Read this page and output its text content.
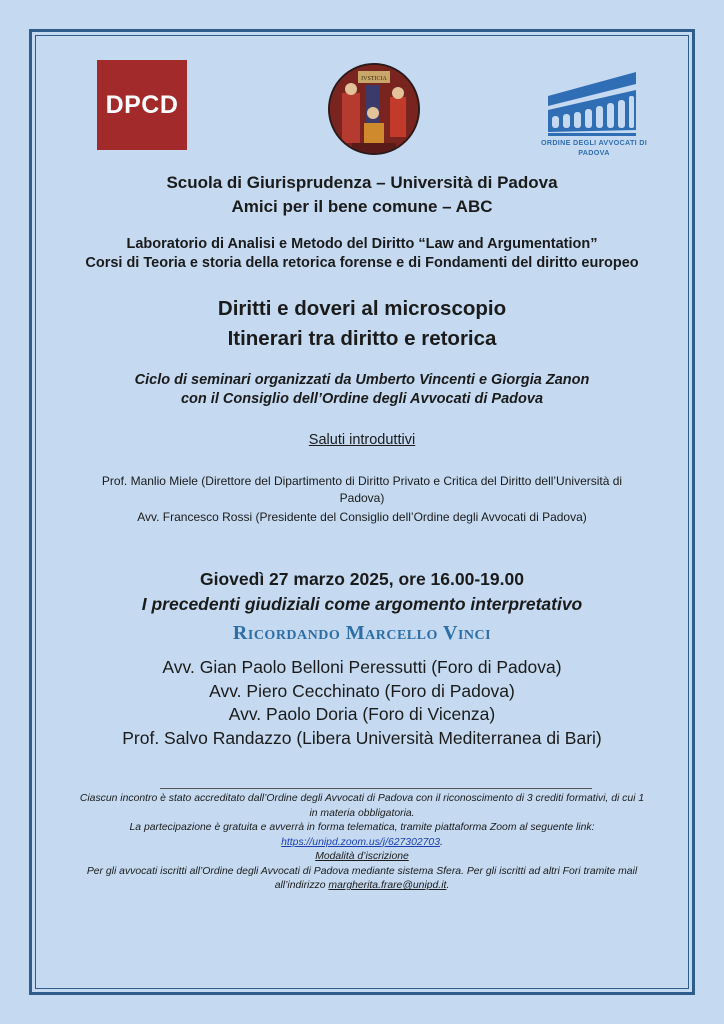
DPCD
IVSTICIA
ORDINE DEGLI AVVOCATI DI PADOVA
Scuola di Giurisprudenza – Università di Padova
Amici per il bene comune – ABC
Laboratorio di Analisi e Metodo del Diritto “Law and Argumentation”
Corsi di Teoria e storia della retorica forense e di Fondamenti del diritto europeo
Diritti e doveri al microscopio
Itinerari tra diritto e retorica
Ciclo di seminari organizzati da Umberto Vincenti e Giorgia Zanon
con il Consiglio dell’Ordine degli Avvocati di Padova
Saluti introduttivi
Prof. Manlio Miele (Direttore del Dipartimento di Diritto Privato e Critica del Diritto dell’Università di
Padova)
Avv. Francesco Rossi (Presidente del Consiglio dell’Ordine degli Avvocati di Padova)
Giovedì 27 marzo 2025, ore 16.00-19.00
I precedenti giudiziali come argomento interpretativo
Ricordando Marcello Vinci
Avv. Gian Paolo Belloni Peressutti (Foro di Padova)
Avv. Piero Cecchinato (Foro di Padova)
Avv. Paolo Doria (Foro di Vicenza)
Prof. Salvo Randazzo (Libera Università Mediterranea di Bari)
Ciascun incontro è stato accreditato dall’Ordine degli Avvocati di Padova con il riconoscimento di 3 crediti formativi, di cui 1
in materia obbligatoria.
La partecipazione è gratuita e avverrà in forma telematica, tramite piattaforma Zoom al seguente link:
https://unipd.zoom.us/j/627302703.
Modalità d’iscrizione
Per gli avvocati iscritti all’Ordine degli Avvocati di Padova mediante sistema Sfera. Per gli iscritti ad altri Fori tramite mail
all’indirizzo margherita.frare@unipd.it.
